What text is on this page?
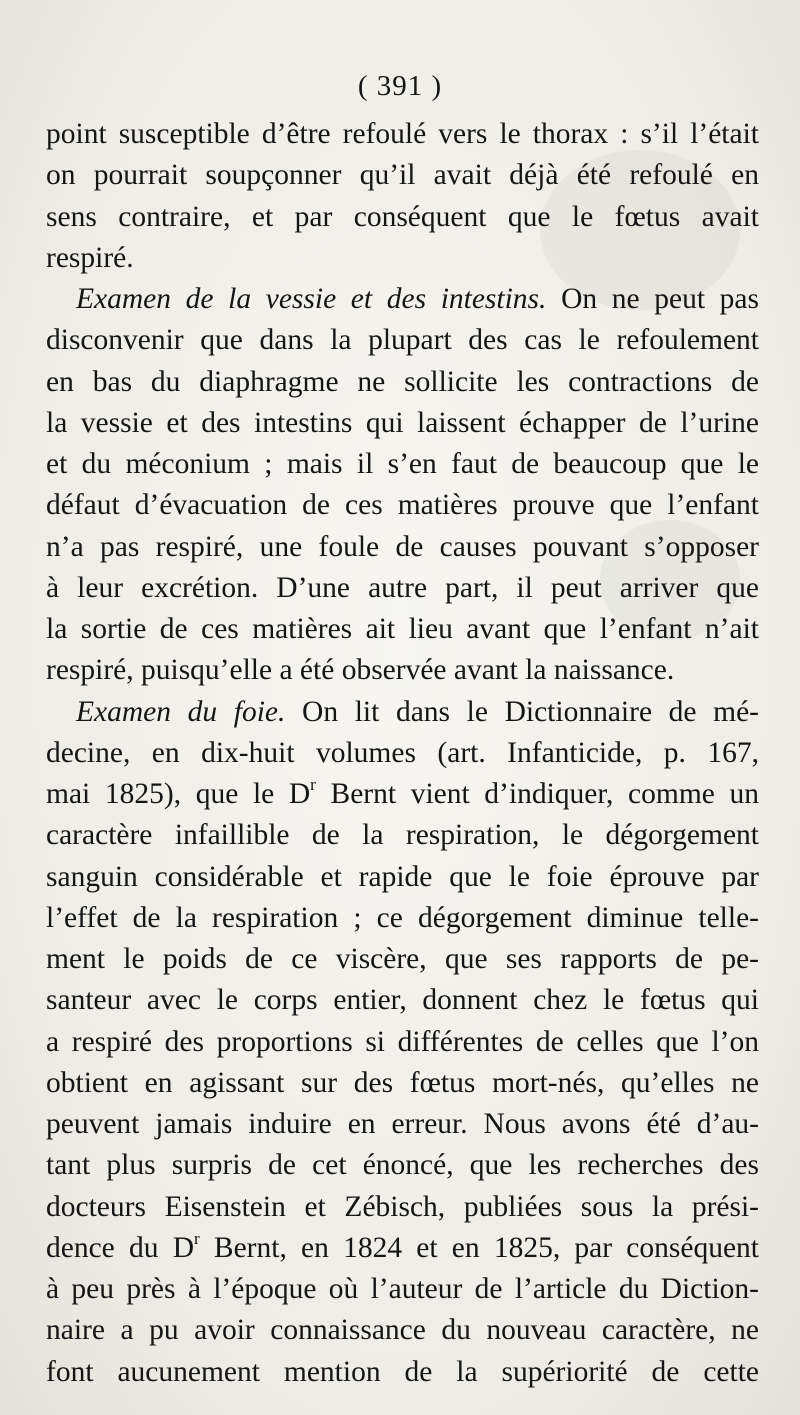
( 391 )
point susceptible d’être refoulé vers le thorax : s’il l’était
on pourrait soupçonner qu’il avait déjà été refoulé en
sens contraire, et par conséquent que le fœtus avait
respiré.
Examen de la vessie et des intestins. On ne peut pas
disconvenir que dans la plupart des cas le refoulement
en bas du diaphragme ne sollicite les contractions de
la vessie et des intestins qui laissent échapper de l’urine
et du méconium ; mais il s’en faut de beaucoup que le
défaut d’évacuation de ces matières prouve que l’enfant
n’a pas respiré, une foule de causes pouvant s’opposer
à leur excrétion. D’une autre part, il peut arriver que
la sortie de ces matières ait lieu avant que l’enfant n’ait
respiré, puisqu’elle a été observée avant la naissance.
Examen du foie. On lit dans le Dictionnaire de mé-
decine, en dix-huit volumes (art. Infanticide, p. 167,
mai 1825), que le $D^r$ Bernt vient d’indiquer, comme un
caractère infaillible de la respiration, le dégorgement
sanguin considérable et rapide que le foie éprouve par
l’effet de la respiration ; ce dégorgement diminue telle-
ment le poids de ce viscère, que ses rapports de pe-
santeur avec le corps entier, donnent chez le fœtus qui
a respiré des proportions si différentes de celles que l’on
obtient en agissant sur des fœtus mort-nés, qu’elles ne
peuvent jamais induire en erreur. Nous avons été d’au-
tant plus surpris de cet énoncé, que les recherches des
docteurs Eisenstein et Zébisch, publiées sous la prési-
dence du $D^r$ Bernt, en 1824 et en 1825, par conséquent
à peu près à l’époque où l’auteur de l’article du Diction-
naire a pu avoir connaissance du nouveau caractère, ne
font aucunement mention de la supériorité de cette
